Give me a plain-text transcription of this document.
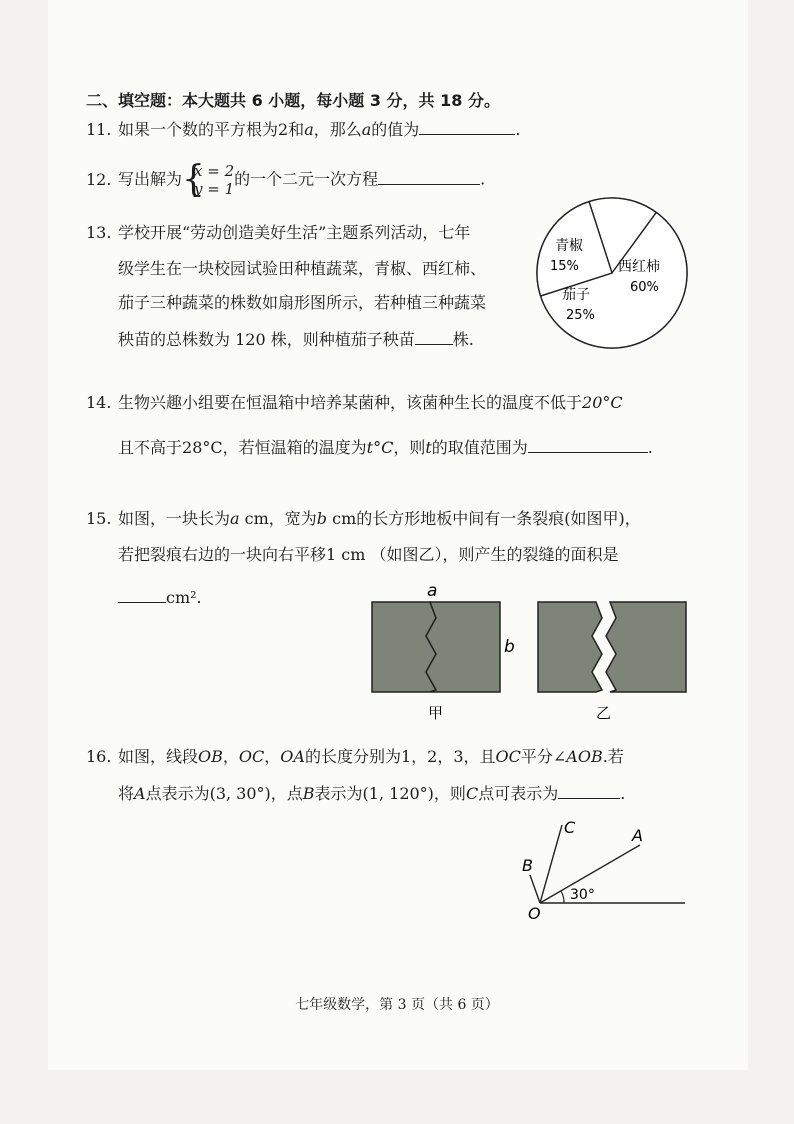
二、填空题：本大题共 6 小题，每小题 3 分，共 18 分。
11. 如果一个数的平方根为2和a，那么a的值为	.
12. 写出解为 {
x = 2
y = 1
的一个二元一次方程	.
13. 学校开展“劳动创造美好生活”主题系列活动，七年
级学生在一块校园试验田种植蔬菜，青椒、西红柿、
茄子三种蔬菜的株数如扇形图所示，若种植三种蔬菜
秧苗的总株数为 120 株，则种植茄子秧苗 株.
青椒
15%	西红柿
60%
茄子
25%
14. 生物兴趣小组要在恒温箱中培养某菌种，该菌种生长的温度不低于20°C
且不高于28°C，若恒温箱的温度为t°C，则t的取值范围为	.
15. 如图，一块长为a cm，宽为b cm的长方形地板中间有一条裂痕(如图甲)，
若把裂痕右边的一块向右平移1 cm （如图乙），则产生的裂缝的面积是
cm².	a
b
甲	乙
16. 如图，线段OB，OC，OA的长度分别为1，2，3，且OC平分∠AOB.若
将A点表示为(3, 30°)，点B表示为(1, 120°)，则C点可表示为	.
O
A
B
C
30°
七年级数学，第 3 页（共 6 页）
